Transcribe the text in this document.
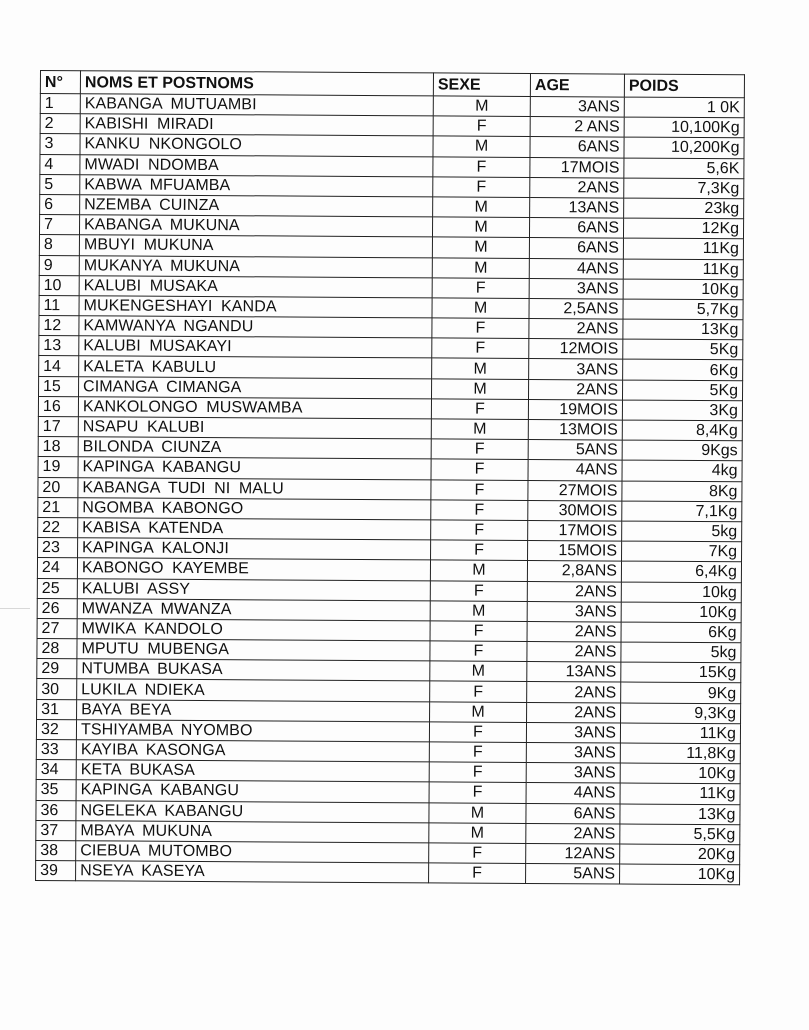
N°	NOMS ET POSTNOMS	SEXE	AGE	POIDS
1	KABANGA MUTUAMBI	M	3ANS	1 0K
2	KABISHI MIRADI	F	2 ANS	10,100Kg
3	KANKU NKONGOLO	M	6ANS	10,200Kg
4	MWADI NDOMBA	F	17MOIS	5,6K
5	KABWA MFUAMBA	F	2ANS	7,3Kg
6	NZEMBA CUINZA	M	13ANS	23kg
7	KABANGA MUKUNA	M	6ANS	12Kg
8	MBUYI MUKUNA	M	6ANS	11Kg
9	MUKANYA MUKUNA	M	4ANS	11Kg
10	KALUBI MUSAKA	F	3ANS	10Kg
11	MUKENGESHAYI KANDA	M	2,5ANS	5,7Kg
12	KAMWANYA NGANDU	F	2ANS	13Kg
13	KALUBI MUSAKAYI	F	12MOIS	5Kg
14	KALETA KABULU	M	3ANS	6Kg
15	CIMANGA CIMANGA	M	2ANS	5Kg
16	KANKOLONGO MUSWAMBA	F	19MOIS	3Kg
17	NSAPU KALUBI	M	13MOIS	8,4Kg
18	BILONDA CIUNZA	F	5ANS	9Kgs
19	KAPINGA KABANGU	F	4ANS	4kg
20	KABANGA TUDI NI MALU	F	27MOIS	8Kg
21	NGOMBA KABONGO	F	30MOIS	7,1Kg
22	KABISA KATENDA	F	17MOIS	5kg
23	KAPINGA KALONJI	F	15MOIS	7Kg
24	KABONGO KAYEMBE	M	2,8ANS	6,4Kg
25	KALUBI ASSY	F	2ANS	10kg
26	MWANZA MWANZA	M	3ANS	10Kg
27	MWIKA KANDOLO	F	2ANS	6Kg
28	MPUTU MUBENGA	F	2ANS	5kg
29	NTUMBA BUKASA	M	13ANS	15Kg
30	LUKILA NDIEKA	F	2ANS	9Kg
31	BAYA BEYA	M	2ANS	9,3Kg
32	TSHIYAMBA NYOMBO	F	3ANS	11Kg
33	KAYIBA KASONGA	F	3ANS	11,8Kg
34	KETA BUKASA	F	3ANS	10Kg
35	KAPINGA KABANGU	F	4ANS	11Kg
36	NGELEKA KABANGU	M	6ANS	13Kg
37	MBAYA MUKUNA	M	2ANS	5,5Kg
38	CIEBUA MUTOMBO	F	12ANS	20Kg
39	NSEYA KASEYA	F	5ANS	10Kg
